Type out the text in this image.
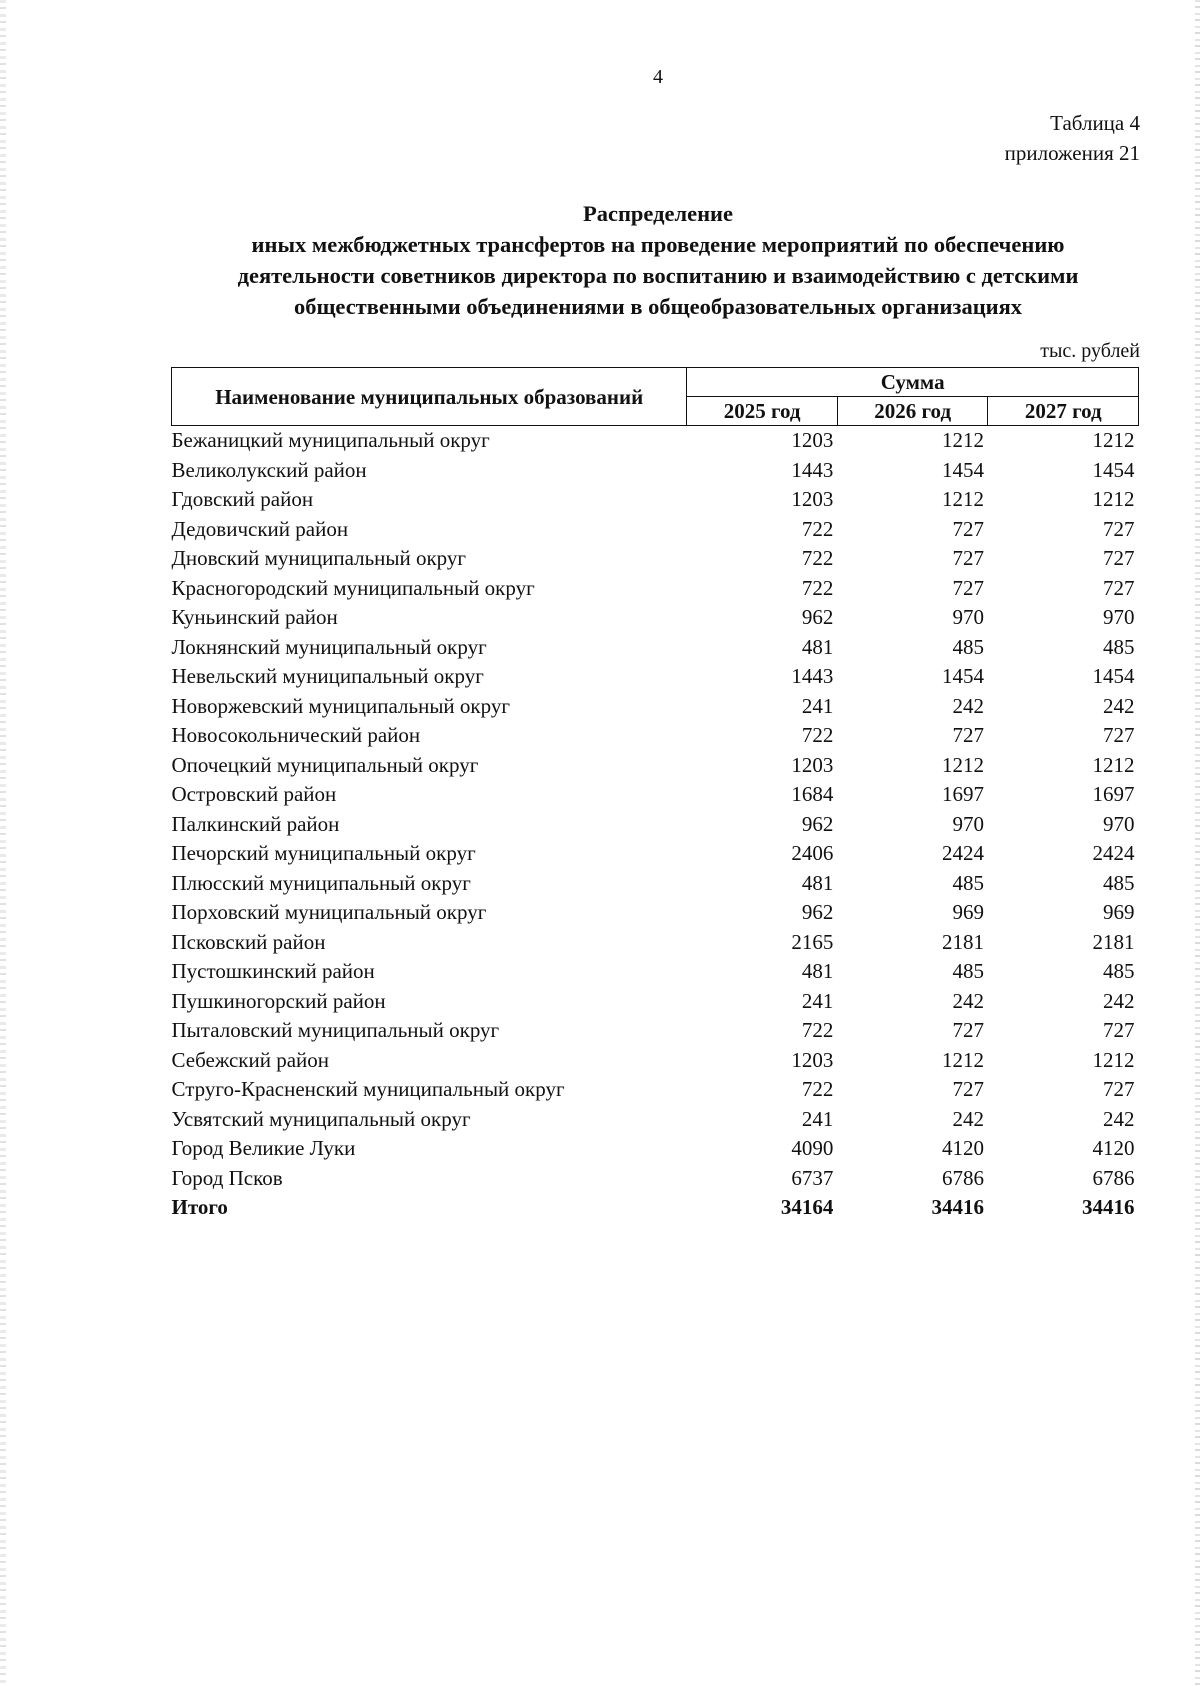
4
Таблица 4
приложения 21
Распределение
иных межбюджетных трансфертов на проведение мероприятий по обеспечению
деятельности советников директора по воспитанию и взаимодействию с детскими
общественными объединениями в общеобразовательных организациях
тыс. рублей
Наименование муниципальных образований	Сумма		
	2025 год	2026 год	2027 год
Бежаницкий муниципальный округ	1203	1212	1212
Великолукский район	1443	1454	1454
Гдовский район	1203	1212	1212
Дедовичский район	722	727	727
Дновский муниципальный округ	722	727	727
Красногородский муниципальный округ	722	727	727
Куньинский район	962	970	970
Локнянский муниципальный округ	481	485	485
Невельский муниципальный округ	1443	1454	1454
Новоржевский муниципальный округ	241	242	242
Новосокольнический район	722	727	727
Опочецкий муниципальный округ	1203	1212	1212
Островский район	1684	1697	1697
Палкинский район	962	970	970
Печорский муниципальный округ	2406	2424	2424
Плюсский муниципальный округ	481	485	485
Порховский муниципальный округ	962	969	969
Псковский район	2165	2181	2181
Пустошкинский район	481	485	485
Пушкиногорский район	241	242	242
Пыталовский муниципальный округ	722	727	727
Себежский район	1203	1212	1212
Струго-Красненский муниципальный округ	722	727	727
Усвятский муниципальный округ	241	242	242
Город Великие Луки	4090	4120	4120
Город Псков	6737	6786	6786
Итого	34164	34416	34416
